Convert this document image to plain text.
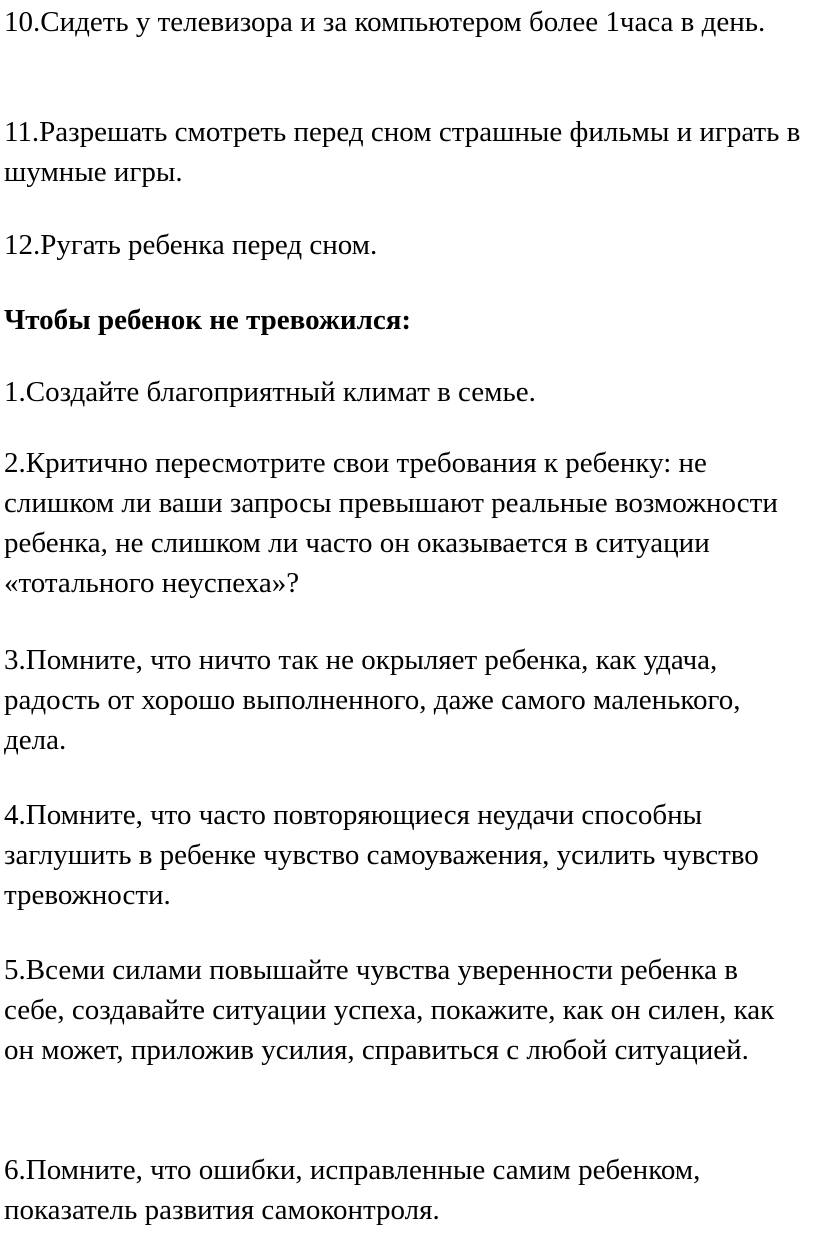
10.Сидеть у телевизора и за компьютером более 1часа в день.

11.Разрешать смотреть перед сном страшные фильмы и играть в шумные игры.

12.Ругать ребенка перед сном.

Чтобы ребенок не тревожился:

1.Создайте благоприятный климат в семье.

2.Критично пересмотрите свои требования к ребенку: не слишком ли ваши запросы превышают реальные возможности ребенка, не слишком ли часто он оказывается в ситуации «тотального неуспеха»?

3.Помните, что ничто так не окрыляет ребенка, как удача, радость от хорошо выполненного, даже самого маленького, дела.

4.Помните, что часто повторяющиеся неудачи способны заглушить в ребенке чувство самоуважения, усилить чувство тревожности.

5.Всеми силами повышайте чувства уверенности ребенка в себе, создавайте ситуации успеха, покажите, как он силен, как он может, приложив усилия, справиться с любой ситуацией.

6.Помните, что ошибки, исправленные самим ребенком, показатель развития самоконтроля.
